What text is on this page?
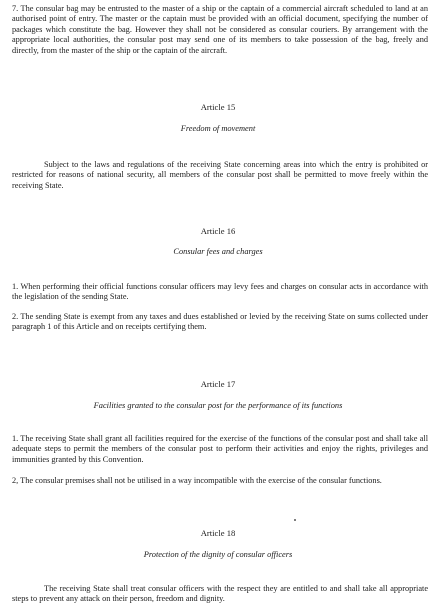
7. The consular bag may be entrusted to the master of a ship or the captain of a commercial aircraft scheduled to land at an authorised point of entry. The master or the captain must be provided with an official document, specifying the number of packages which constitute the bag. However they shall not be considered as consular couriers. By arrangement with the appropriate local authorities, the consular post may send one of its members to take possession of the bag, freely and directly, from the master of the ship or the captain of the aircraft.

Article 15

Freedom of movement

Subject to the laws and regulations of the receiving State concerning areas into which the entry is prohibited or restricted for reasons of national security, all members of the consular post shall be permitted to move freely within the receiving State.

Article 16

Consular fees and charges

1. When performing their official functions consular officers may levy fees and charges on consular acts in accordance with the legislation of the sending State.

2. The sending State is exempt from any taxes and dues established or levied by the receiving State on sums collected under paragraph 1 of this Article and on receipts certifying them.

Article 17

Facilities granted to the consular post for the performance of its functions

1. The receiving State shall grant all facilities required for the exercise of the functions of the consular post and shall take all adequate steps to permit the members of the consular post to perform their activities and enjoy the rights, privileges and immunities granted by this Convention.

2, The consular premises shall not be utilised in a way incompatible with the exercise of the consular functions.

Article 18

Protection of the dignity of consular officers

The receiving State shall treat consular officers with the respect they are entitled to and shall take all appropriate steps to prevent any attack on their person, freedom and dignity.
